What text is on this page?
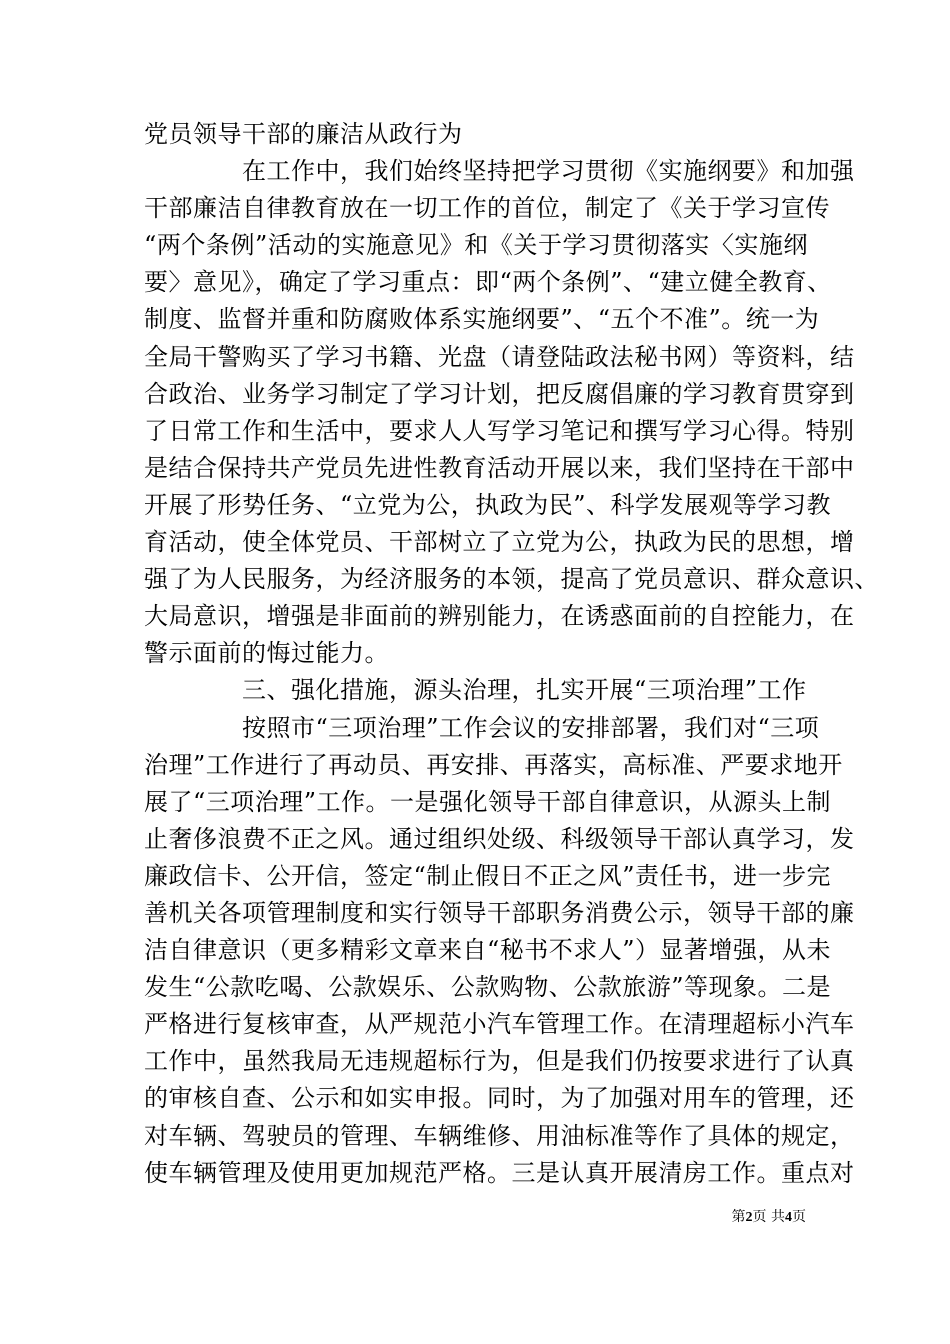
党员领导干部的廉洁从政行为
在工作中，我们始终坚持把学习贯彻《实施纲要》和加强
干部廉洁自律教育放在一切工作的首位，制定了《关于学习宣传
“两个条例”活动的实施意见》和《关于学习贯彻落实〈实施纲
要〉意见》，确定了学习重点：即“两个条例”、“建立健全教育、
制度、监督并重和防腐败体系实施纲要”、“五个不准”。统一为
全局干警购买了学习书籍、光盘（请登陆政法秘书网）等资料，结
合政治、业务学习制定了学习计划，把反腐倡廉的学习教育贯穿到
了日常工作和生活中，要求人人写学习笔记和撰写学习心得。特别
是结合保持共产党员先进性教育活动开展以来，我们坚持在干部中
开展了形势任务、“立党为公，执政为民”、科学发展观等学习教
育活动，使全体党员、干部树立了立党为公，执政为民的思想，增
强了为人民服务，为经济服务的本领，提高了党员意识、群众意识、
大局意识，增强是非面前的辨别能力，在诱惑面前的自控能力，在
警示面前的悔过能力。
三、强化措施，源头治理，扎实开展“三项治理”工作
按照市“三项治理”工作会议的安排部署，我们对“三项
治理”工作进行了再动员、再安排、再落实，高标准、严要求地开
展了“三项治理”工作。一是强化领导干部自律意识，从源头上制
止奢侈浪费不正之风。通过组织处级、科级领导干部认真学习，发
廉政信卡、公开信，签定“制止假日不正之风”责任书，进一步完
善机关各项管理制度和实行领导干部职务消费公示，领导干部的廉
洁自律意识（更多精彩文章来自“秘书不求人”）显著增强，从未
发生“公款吃喝、公款娱乐、公款购物、公款旅游”等现象。二是
严格进行复核审查，从严规范小汽车管理工作。在清理超标小汽车
工作中，虽然我局无违规超标行为，但是我们仍按要求进行了认真
的审核自查、公示和如实申报。同时，为了加强对用车的管理，还
对车辆、驾驶员的管理、车辆维修、用油标准等作了具体的规定，
使车辆管理及使用更加规范严格。三是认真开展清房工作。重点对
第2页 共4页
